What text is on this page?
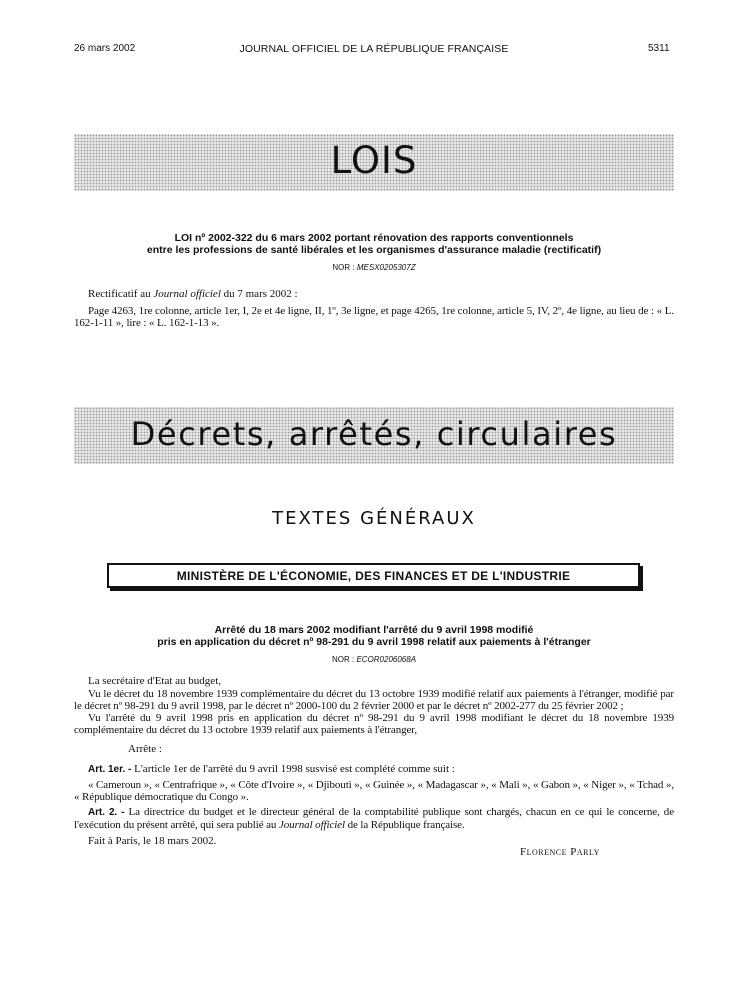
26 mars 2002	JOURNAL OFFICIEL DE LA RÉPUBLIQUE FRANÇAISE	5311
LOIS
LOI nº 2002-322 du 6 mars 2002 portant rénovation des rapports conventionnels
entre les professions de santé libérales et les organismes d'assurance maladie (rectificatif)
NOR : MESX0205307Z
Rectificatif au Journal officiel du 7 mars 2002 :
Page 4263, 1re colonne, article 1er, I, 2e et 4e ligne, II, 1º, 3e ligne, et page 4265, 1re colonne, article 5, IV, 2º, 4e ligne, au lieu de : « L. 162-1-11 », lire : « L. 162-1-13 ».
Décrets, arrêtés, circulaires
TEXTES GÉNÉRAUX
MINISTÈRE DE L'ÉCONOMIE, DES FINANCES ET DE L'INDUSTRIE
Arrêté du 18 mars 2002 modifiant l'arrêté du 9 avril 1998 modifié
pris en application du décret nº 98-291 du 9 avril 1998 relatif aux paiements à l'étranger
NOR : ECOR0206068A
La secrétaire d'Etat au budget,
Vu le décret du 18 novembre 1939 complémentaire du décret du 13 octobre 1939 modifié relatif aux paiements à l'étranger, modifié par le décret nº 98-291 du 9 avril 1998, par le décret nº 2000-100 du 2 février 2000 et par le décret nº 2002-277 du 25 février 2002 ;
Vu l'arrêté du 9 avril 1998 pris en application du décret nº 98-291 du 9 avril 1998 modifiant le décret du 18 novembre 1939 complémentaire du décret du 13 octobre 1939 relatif aux paiements à l'étranger,
Arrête :
Art. 1er. - L'article 1er de l'arrêté du 9 avril 1998 susvisé est complété comme suit :
« Cameroun », « Centrafrique », « Côte d'Ivoire », « Djibouti », « Guinée », « Madagascar », « Mali », « Gabon », « Niger », « Tchad », « République démocratique du Congo ».
Art. 2. - La directrice du budget et le directeur général de la comptabilité publique sont chargés, chacun en ce qui le concerne, de l'exécution du présent arrêté, qui sera publié au Journal officiel de la République française.
Fait à Paris, le 18 mars 2002.
Florence Parly
